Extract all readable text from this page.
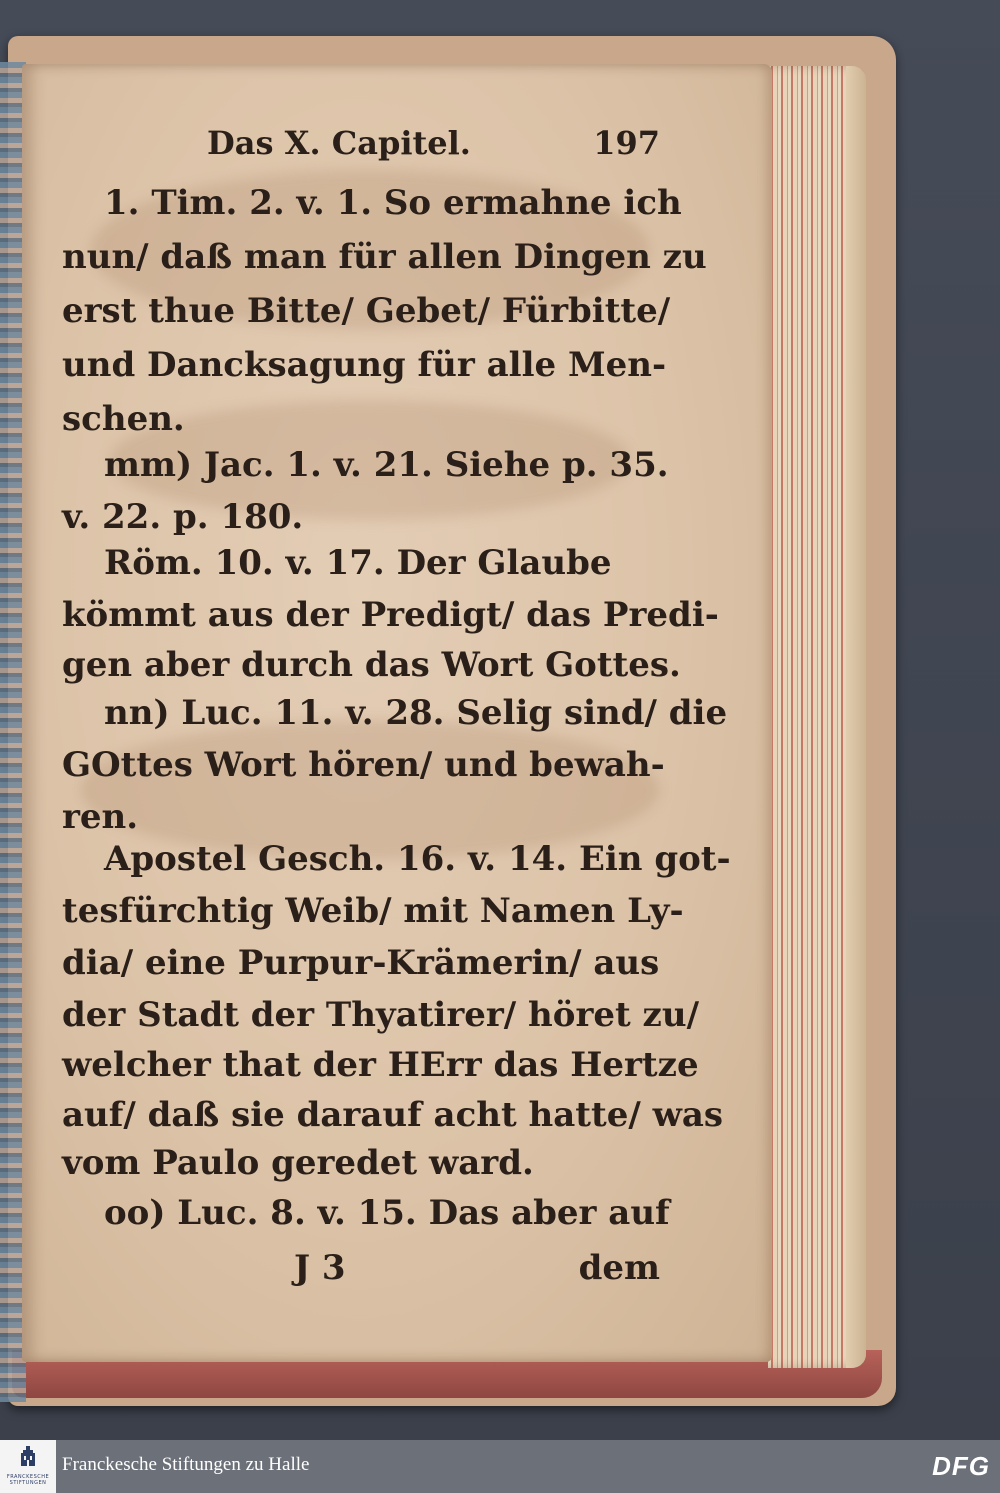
Das X. Capitel.	197
1. Tim. 2. v. 1. So ermahne ich
nun/ daß man für allen Dingen zu
erst thue Bitte/ Gebet/ Fürbitte/
und Dancksagung für alle Men-
schen.
mm) Jac. 1. v. 21. Siehe p. 35.
v. 22. p. 180.
Röm. 10. v. 17. Der Glaube
kömmt aus der Predigt/ das Predi-
gen aber durch das Wort Gottes.
nn) Luc. 11. v. 28. Selig sind/ die
GOttes Wort hören/ und bewah-
ren.
Apostel Gesch. 16. v. 14. Ein got-
tesfürchtig Weib/ mit Namen Ly-
dia/ eine Purpur-Krämerin/ aus
der Stadt der Thyatirer/ höret zu/
welcher that der HErr das Hertze
auf/ daß sie darauf acht hatte/ was
vom Paulo geredet ward.
oo) Luc. 8. v. 15. Das aber auf
J 3	dem
FRANCKESCHE
STIFTUNGEN
Franckesche Stiftungen zu Halle	DFG
